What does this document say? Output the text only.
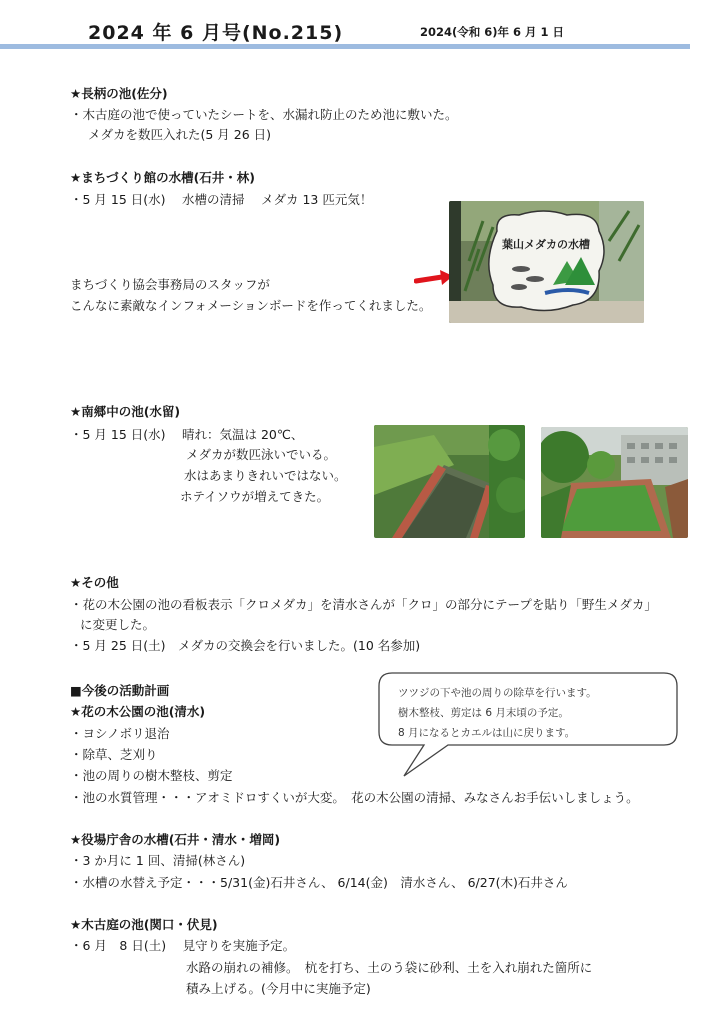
2024 年 6 月号(No.215)	2024(令和 6)年 6 月 1 日
★長柄の池(佐分)
・木古庭の池で使っていたシートを、水漏れ防止のため池に敷いた。
メダカを数匹入れた(5 月 26 日)
★まちづくり館の水槽(石井・林)
・5 月 15 日(水)　 水槽の清掃　 メダカ 13 匹元気！
まちづくり協会事務局のスタッフが
こんなに素敵なインフォメーションボードを作ってくれました。
葉山メダカの水槽
★南郷中の池(水留)
・5 月 15 日(水)　 晴れ：気温は 20℃、
メダカが数匹泳いでいる。
水はあまりきれいではない。
ホテイソウが増えてきた。
★その他
・花の木公園の池の看板表示「クロメダカ」を清水さんが「クロ」の部分にテープを貼り「野生メダカ」
に変更した。
・5 月 25 日(土)　メダカの交換会を行いました。(10 名参加)
■今後の活動計画
★花の木公園の池(清水)
・ヨシノボリ退治
・除草、芝刈り
・池の周りの樹木整枝、剪定
・池の水質管理・・・アオミドロすくいが大変。　花の木公園の清掃、みなさんお手伝いしましょう。
ツツジの下や池の周りの除草を行います。
樹木整枝、剪定は 6 月末頃の予定。
8 月になるとカエルは山に戻ります。
★役場庁舎の水槽(石井・清水・増岡)
・3 か月に 1 回、清掃(林さん)
・水槽の水替え予定・・・5/31(金)石井さん、 6/14(金)　清水さん、 6/27(木)石井さん
★木古庭の池(関口・伏見)
・6 月　8 日(土)　 見守りを実施予定。
水路の崩れの補修。　杭を打ち、土のう袋に砂利、土を入れ崩れた箇所に
積み上げる。(今月中に実施予定)
